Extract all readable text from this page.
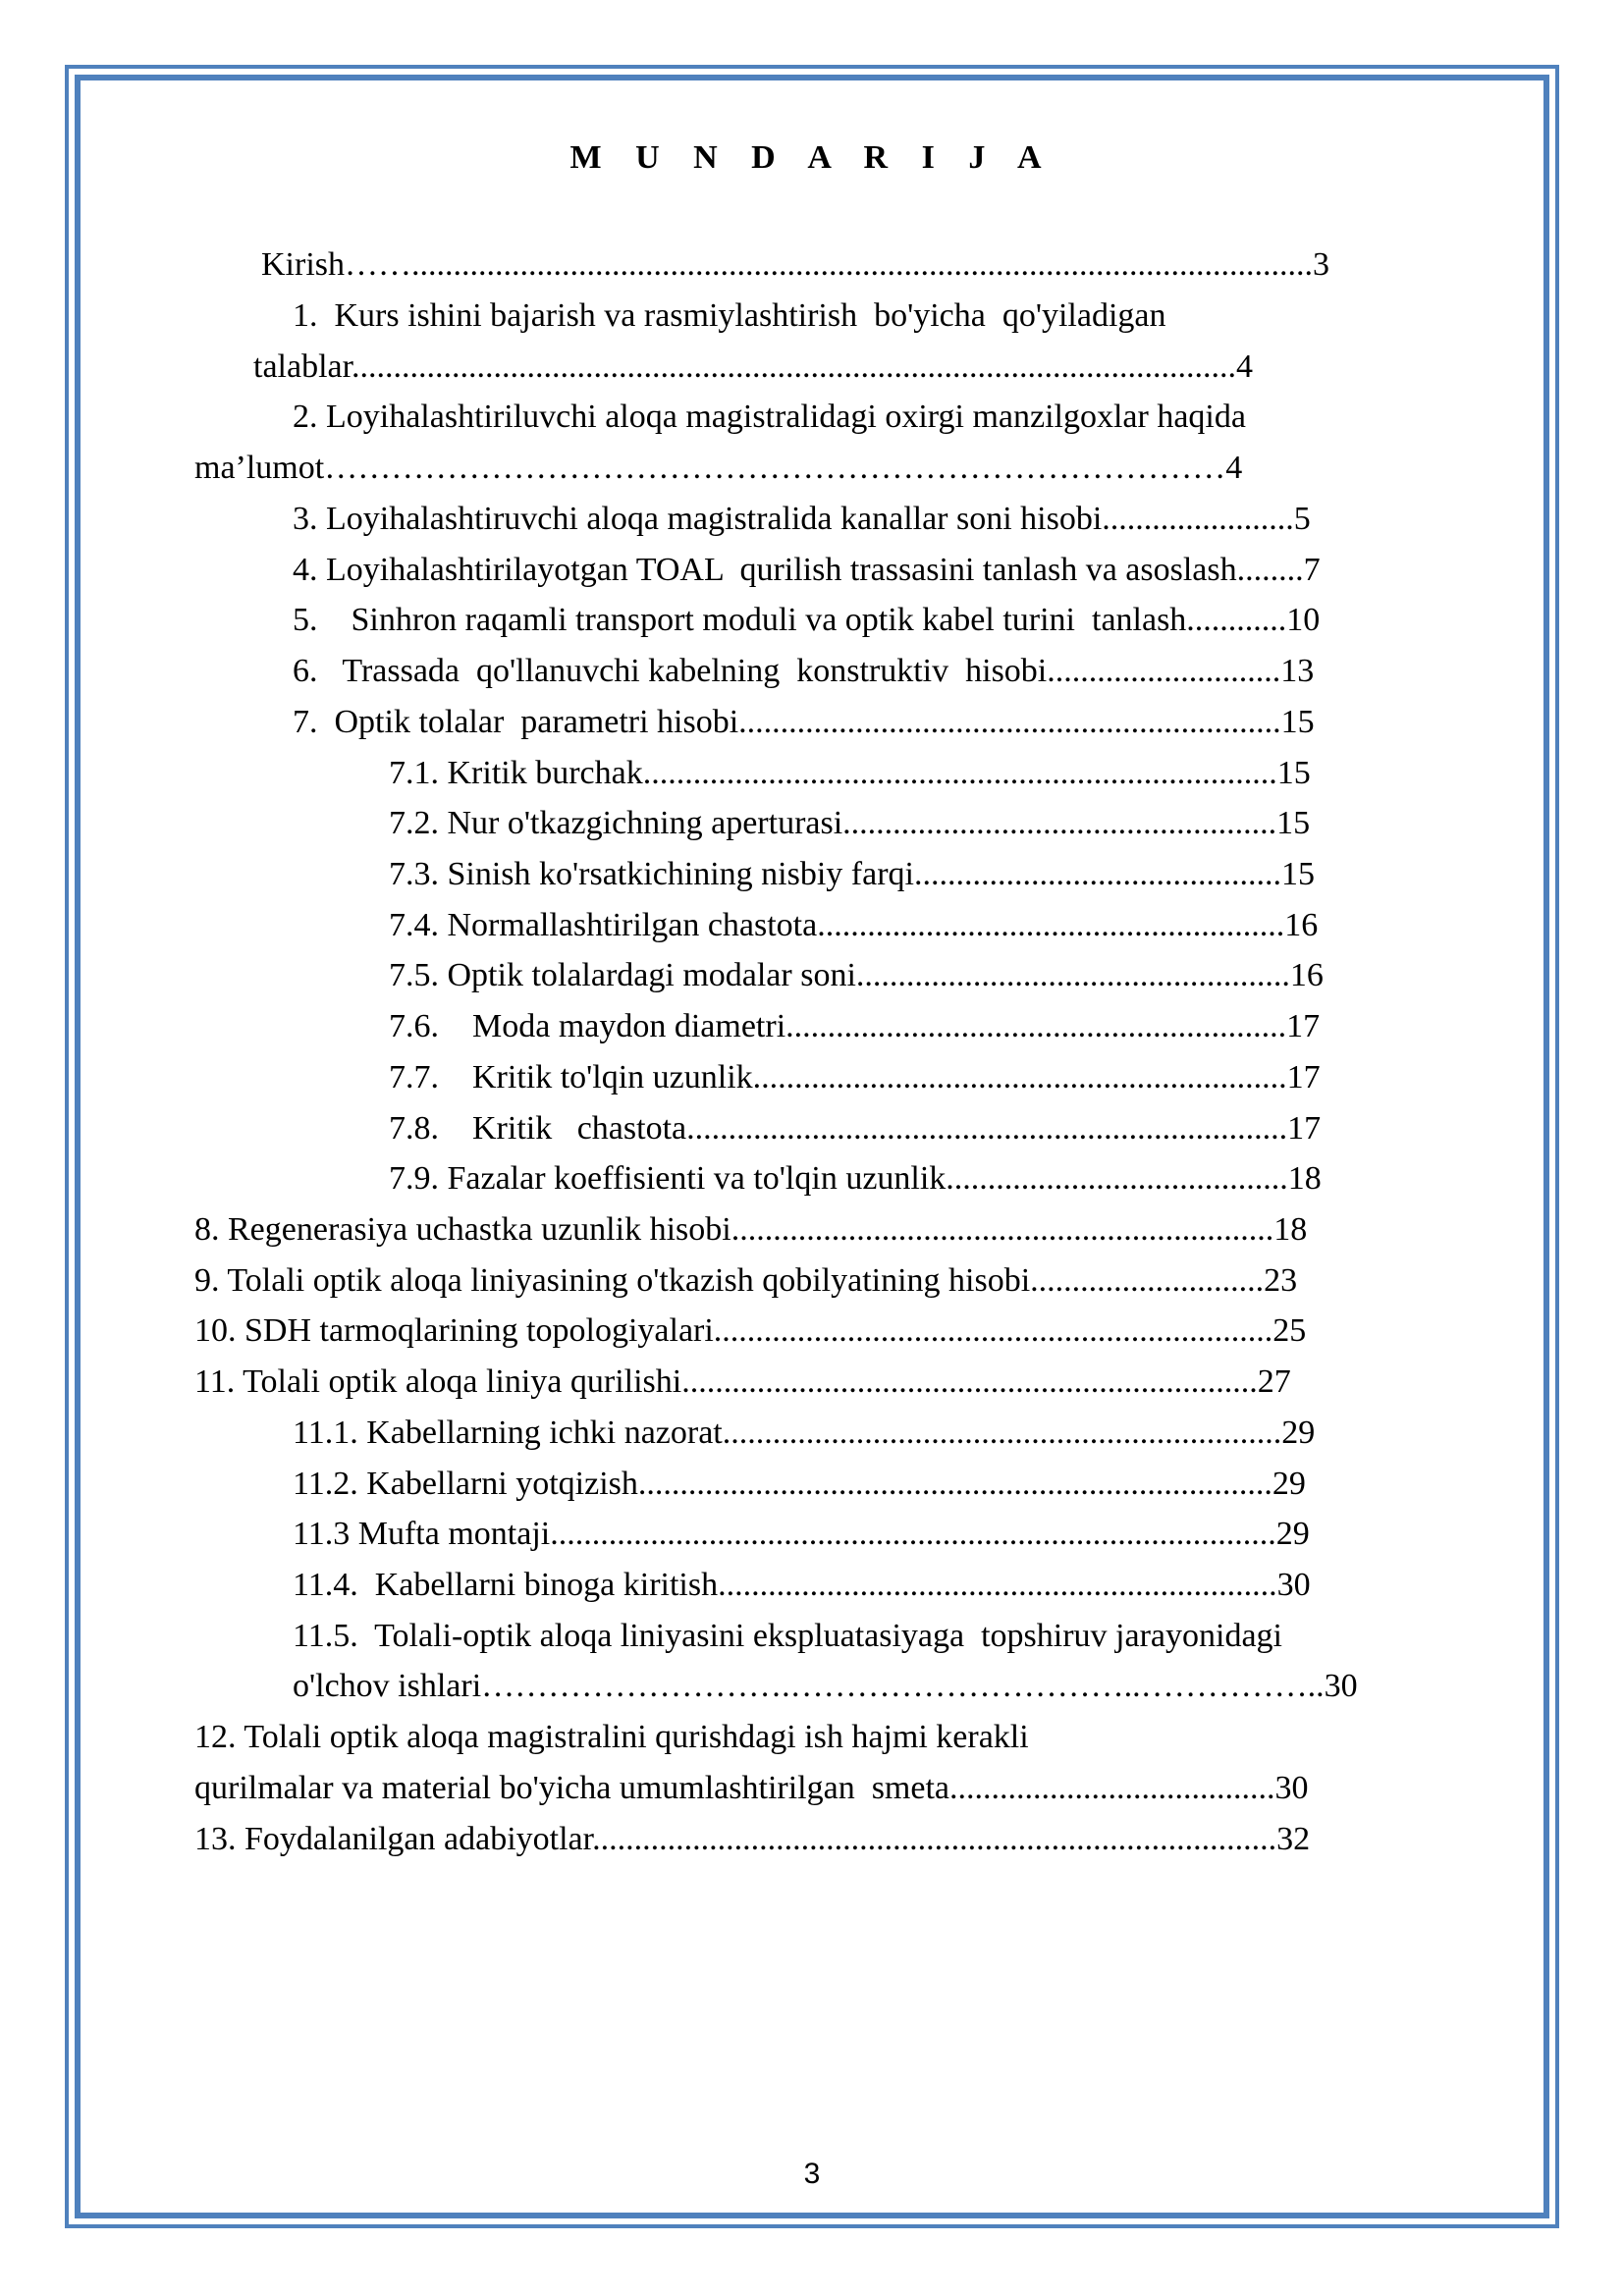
M U N D A R I J A
Kirish……............................................................................................................3
1.  Kurs ishini bajarish va rasmiylashtirish  bo'yicha  qo'yiladigan
talablar..........................................................................................................4
2. Loyihalashtiriluvchi aloqa magistralidagi oxirgi manzilgoxlar haqida
ma’lumot………………………………………………………………………4
3. Loyihalashtiruvchi aloqa magistralida kanallar soni hisobi.......................5
4. Loyihalashtirilayotgan TOAL  qurilish trassasini tanlash va asoslash........7
5.    Sinhron raqamli transport moduli va optik kabel turini  tanlash............10
6.   Trassada  qo'llanuvchi kabelning  konstruktiv  hisobi............................13
7.  Optik tolalar  parametri hisobi.................................................................15
7.1. Kritik burchak............................................................................15
7.2. Nur o'tkazgichning aperturasi....................................................15
7.3. Sinish ko'rsatkichining nisbiy farqi............................................15
7.4. Normallashtirilgan chastota........................................................16
7.5. Optik tolalardagi modalar soni....................................................16
7.6.    Moda maydon diametri............................................................17
7.7.    Kritik to'lqin uzunlik................................................................17
7.8.    Kritik   chastota........................................................................17
7.9. Fazalar koeffisienti va to'lqin uzunlik.........................................18
8. Regenerasiya uchastka uzunlik hisobi.................................................................18
9. Tolali optik aloqa liniyasining o'tkazish qobilyatining hisobi............................23
10. SDH tarmoqlarining topologiyalari...................................................................25
11. Tolali optik aloqa liniya qurilishi.....................................................................27
11.1. Kabellarning ichki nazorat...................................................................29
11.2. Kabellarni yotqizish............................................................................29
11.3 Mufta montaji.......................................................................................29
11.4.  Kabellarni binoga kiritish...................................................................30
11.5.  Tolali-optik aloqa liniyasini ekspluatasiyaga  topshiruv jarayonidagi
o'lchov ishlari……………………….…………………………..……………..30
12. Tolali optik aloqa magistralini qurishdagi ish hajmi kerakli
qurilmalar va material bo'yicha umumlashtirilgan  smeta.......................................30
13. Foydalanilgan adabiyotlar..................................................................................32
3
